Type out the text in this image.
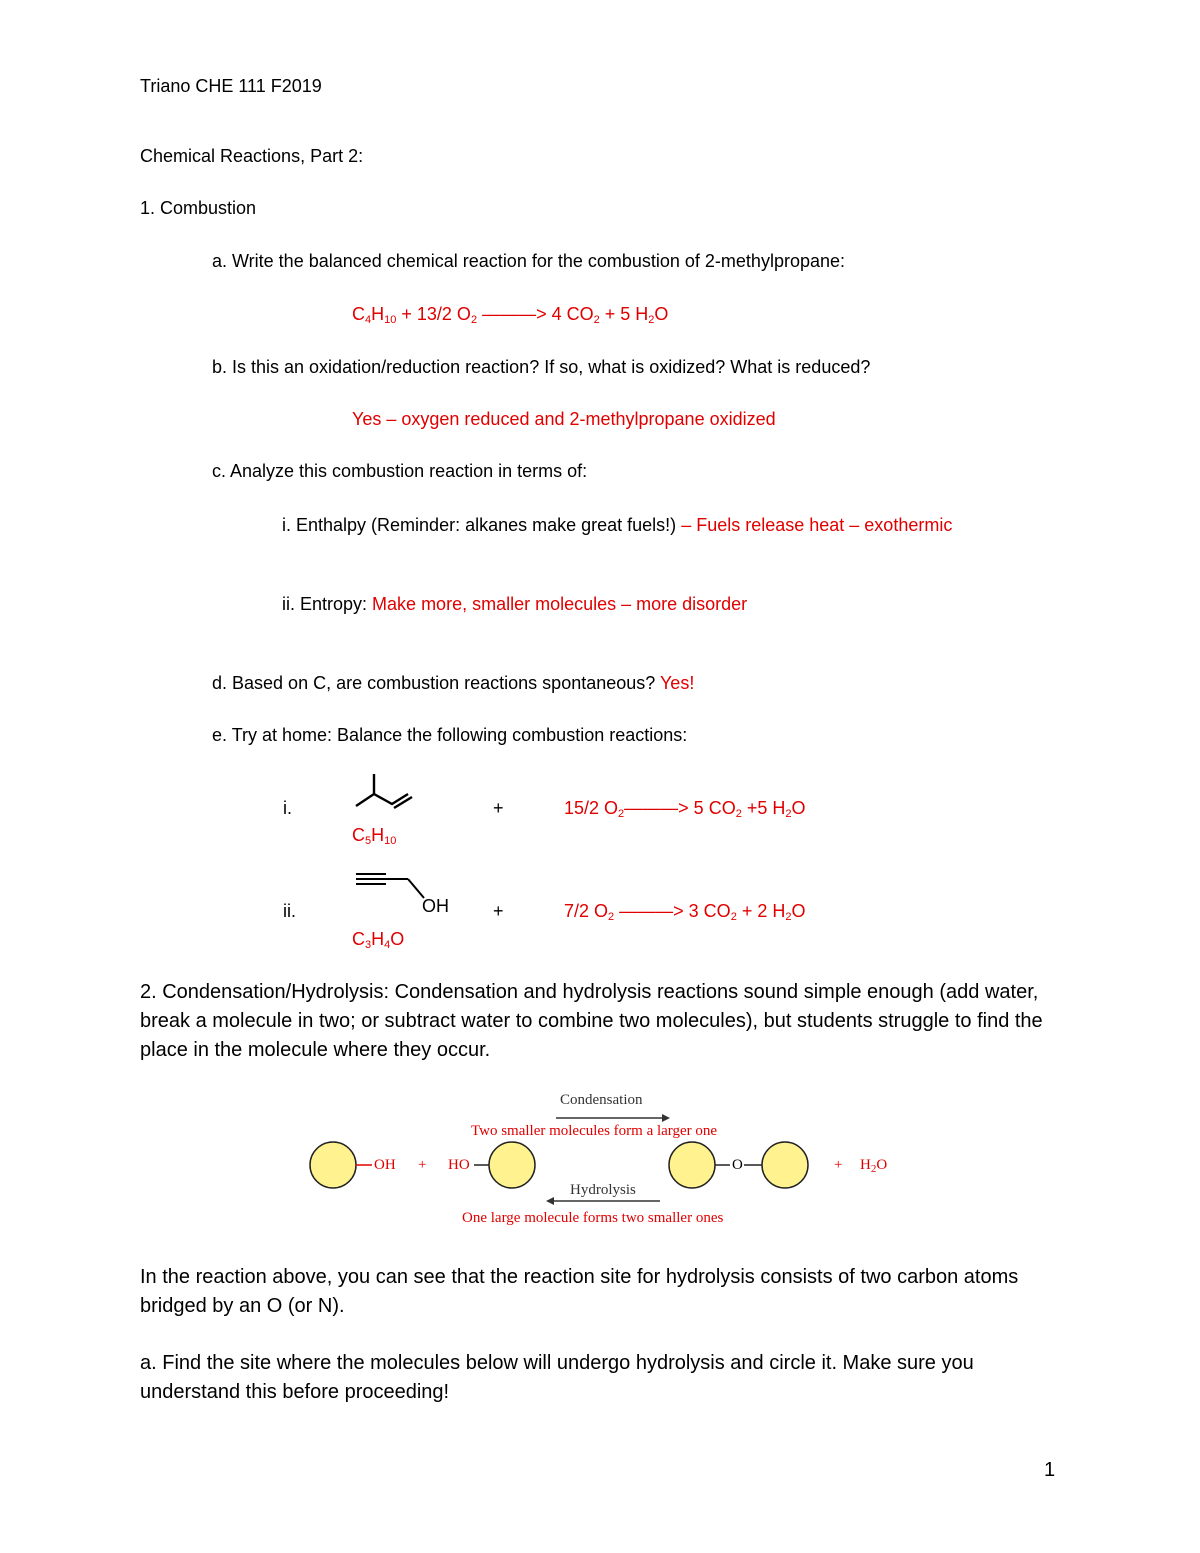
Triano CHE 111 F2019
Chemical Reactions, Part 2:
1. Combustion
a. Write the balanced chemical reaction for the combustion of 2-methylpropane:
$C_4H_{10} + 13/2$ $O_2$ ———> 4 $CO_2 + 5$ $H_2O$
b. Is this an oxidation/reduction reaction? If so, what is oxidized? What is reduced?
Yes – oxygen reduced and 2-methylpropane oxidized
c. Analyze this combustion reaction in terms of:
i. Enthalpy (Reminder: alkanes make great fuels!) – Fuels release heat – exothermic
ii. Entropy: Make more, smaller molecules – more disorder
d. Based on C, are combustion reactions spontaneous? Yes!
e. Try at home: Balance the following combustion reactions:
i.
$C_5H_{10}$
+	15/2 $O_2———> 5$ $CO_2 +5$ $H_2O$
ii.	OH
$C_3H_4O$
+	7/2 $O_2$ ———> 3 $CO_2 + 2$ $H_2O$
2. Condensation/Hydrolysis: Condensation and hydrolysis reactions sound simple enough (add water, break a molecule in two; or subtract water to combine two molecules), but students struggle to find the place in the molecule where they occur.
Condensation
Two smaller molecules form a larger one
OH + HO	O	+ $H_2O$
Hydrolysis
One large molecule forms two smaller ones
In the reaction above, you can see that the reaction site for hydrolysis consists of two carbon atoms bridged by an O (or N).
a. Find the site where the molecules below will undergo hydrolysis and circle it. Make sure you understand this before proceeding!
1
